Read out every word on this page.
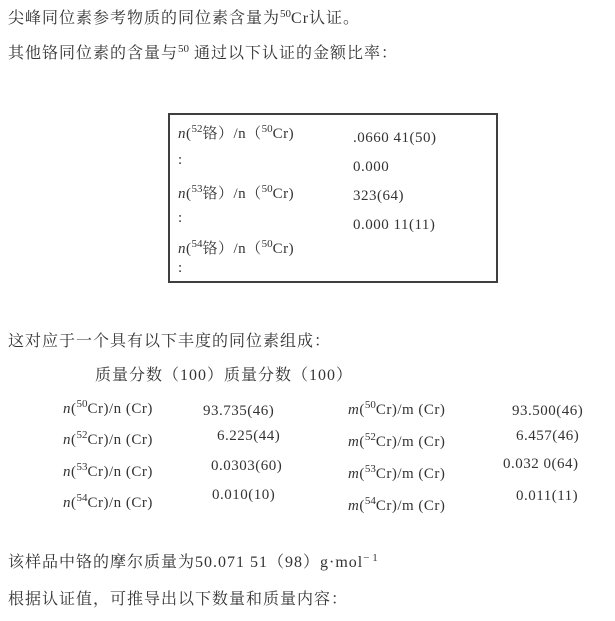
尖峰同位素参考物质的同位素含量为$^{50}$Cr认证。
其他铬同位素的含量与$^{50}$ 通过以下认证的金额比率：
n($^{52}$铬）/n（$^{50}$Cr)
:
n($^{53}$铬）/n（$^{50}$Cr)
:
n($^{54}$铬）/n（$^{50}$Cr)
:
.0660 41(50)
0.000
323(64)
0.000 11(11)
这对应于一个具有以下丰度的同位素组成：
质量分数（100）质量分数（100）
n($^{50}$Cr)/n (Cr)
n($^{52}$Cr)/n (Cr)
n($^{53}$Cr)/n (Cr)
n($^{54}$Cr)/n (Cr)
93.735(46)
6.225(44)
0.0303(60)
0.010(10)
m($^{50}$Cr)/m (Cr)
m($^{52}$Cr)/m (Cr)
m($^{53}$Cr)/m (Cr)
m($^{54}$Cr)/m (Cr)
93.500(46)
6.457(46)
0.032 0(64)
0.011(11)
该样品中铬的摩尔质量为50.071 51（98）g·mol$^{- 1}$
根据认证值，可推导出以下数量和质量内容：
